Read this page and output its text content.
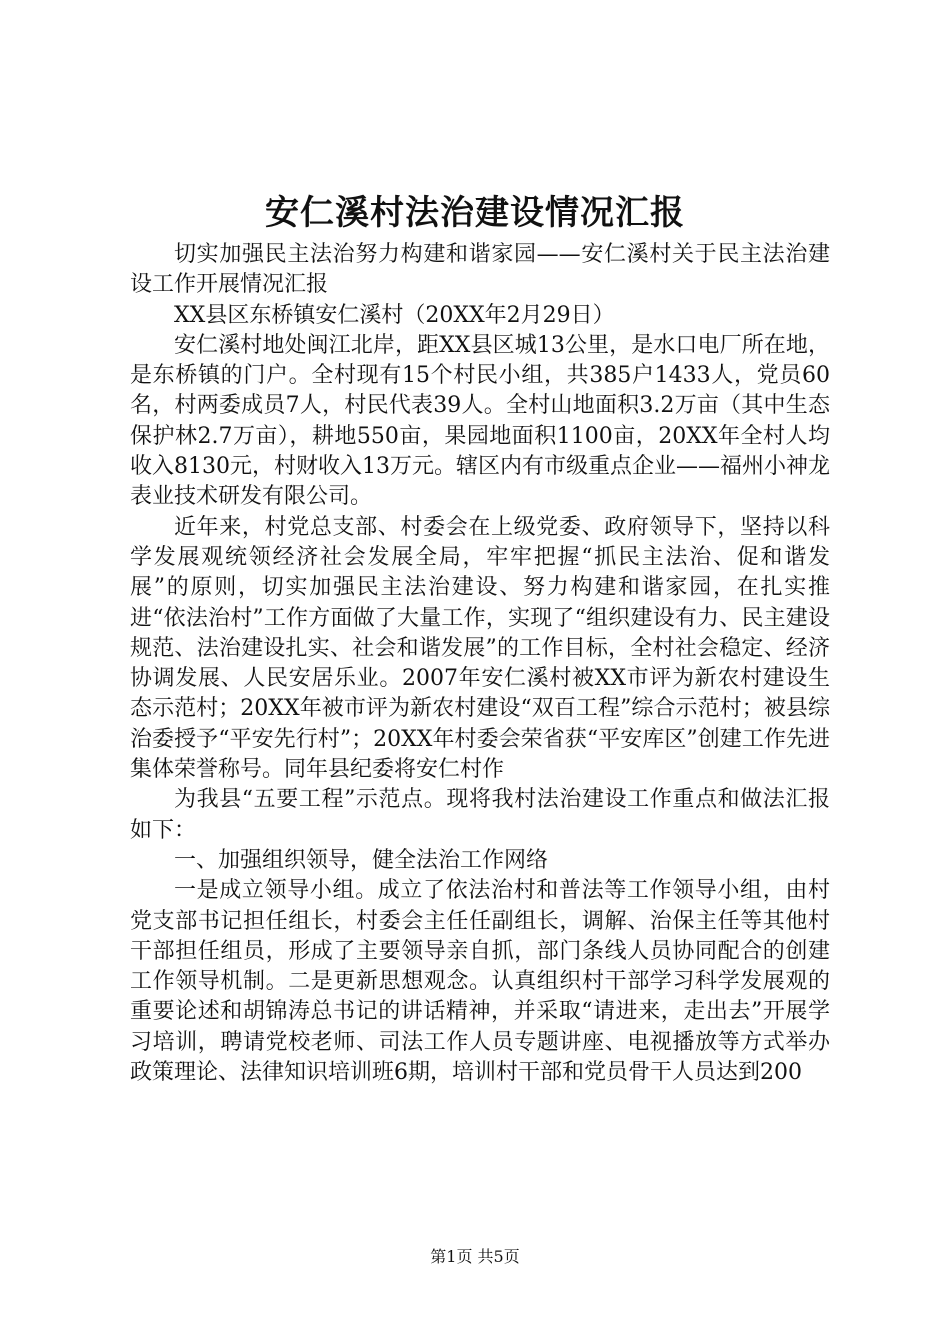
安仁溪村法治建设情况汇报

切实加强民主法治努力构建和谐家园——安仁溪村关于民主法治建设工作开展情况汇报

XX县区东桥镇安仁溪村（20XX年2月29日）

安仁溪村地处闽江北岸，距XX县区城13公里，是水口电厂所在地，是东桥镇的门户。全村现有15个村民小组，共385户1433人，党员60名，村两委成员7人，村民代表39人。全村山地面积3.2万亩（其中生态保护林2.7万亩），耕地550亩，果园地面积1100亩，20XX年全村人均收入8130元，村财收入13万元。辖区内有市级重点企业——福州小神龙表业技术研发有限公司。

近年来，村党总支部、村委会在上级党委、政府领导下，坚持以科学发展观统领经济社会发展全局，牢牢把握“抓民主法治、促和谐发展”的原则，切实加强民主法治建设、努力构建和谐家园，在扎实推进“依法治村”工作方面做了大量工作，实现了“组织建设有力、民主建设规范、法治建设扎实、社会和谐发展”的工作目标，全村社会稳定、经济协调发展、人民安居乐业。2007年安仁溪村被XX市评为新农村建设生态示范村；20XX年被市评为新农村建设“双百工程”综合示范村；被县综治委授予“平安先行村”；20XX年村委会荣省获“平安库区”创建工作先进集体荣誉称号。同年县纪委将安仁村作

为我县“五要工程”示范点。现将我村法治建设工作重点和做法汇报如下：

一、加强组织领导，健全法治工作网络

一是成立领导小组。成立了依法治村和普法等工作领导小组，由村党支部书记担任组长，村委会主任任副组长，调解、治保主任等其他村干部担任组员，形成了主要领导亲自抓，部门条线人员协同配合的创建工作领导机制。二是更新思想观念。认真组织村干部学习科学发展观的重要论述和胡锦涛总书记的讲话精神，并采取“请进来，走出去”开展学习培训，聘请党校老师、司法工作人员专题讲座、电视播放等方式举办政策理论、法律知识培训班6期，培训村干部和党员骨干人员达到200

第1页 共5页
